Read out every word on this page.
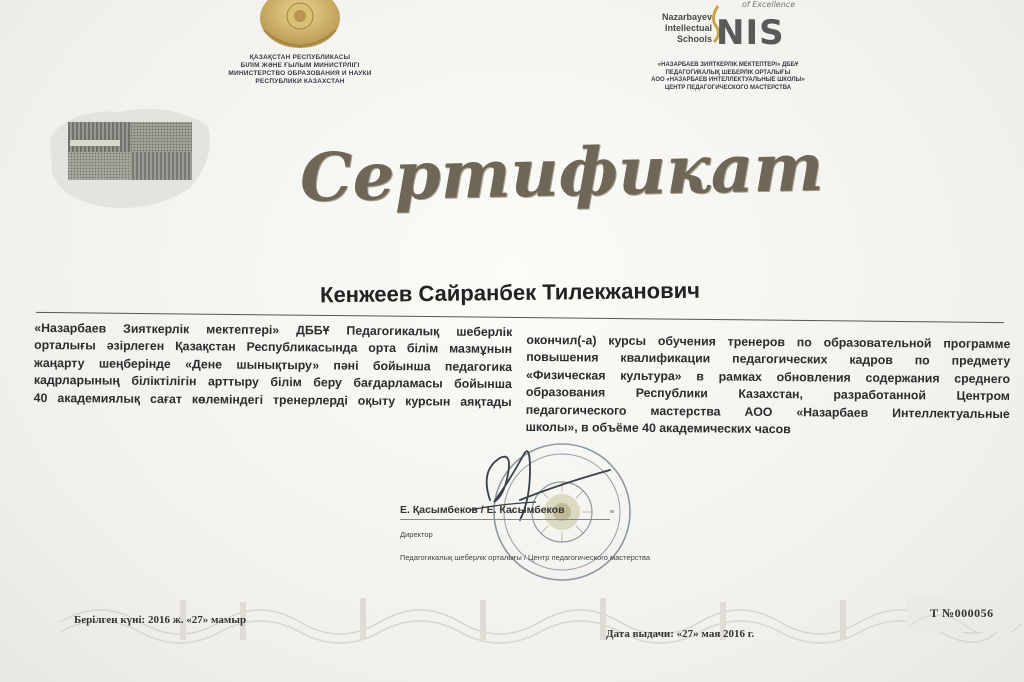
ҚАЗАҚСТАН РЕСПУБЛИКАСЫ
БІЛІМ ЖӘНЕ ҒЫЛЫМ МИНИСТРЛІГІ
МИНИСТЕРСТВО ОБРАЗОВАНИЯ И НАУКИ
РЕСПУБЛИКИ КАЗАХСТАН
of Excellence
Nazarbayev
Intellectual
Schools NIS
«НАЗАРБАЕВ ЗИЯТКЕРЛІК МЕКТЕПТЕРІ» ДББҰ
ПЕДАГОГИКАЛЫҚ ШЕБЕРЛІК ОРТАЛЫҒЫ
АОО «НАЗАРБАЕВ ИНТЕЛЛЕКТУАЛЬНЫЕ ШКОЛЫ»
ЦЕНТР ПЕДАГОГИЧЕСКОГО МАСТЕРСТВА
Сертификат
Кенжеев Сайранбек Тилекжанович
«Назарбаев Зияткерлік мектептері» ДББҰ Педагогикалық шеберлік
орталығы әзірлеген Қазақстан Республикасында орта білім мазмұнын
жаңарту шеңберінде «Дене шынықтыру» пәні бойынша педагогика
кадрларының біліктілігін арттыру білім беру бағдарламасы бойынша
40 академиялық сағат көлеміндегі тренерлерді оқыту курсын аяқтады
окончил(-а) курсы обучения тренеров по образовательной программе
повышения квалификации педагогических кадров по предмету
«Физическая культура» в рамках обновления содержания среднего
образования Республики Казахстан, разработанной Центром
педагогического мастерства АОО «Назарбаев Интеллектуальные
школы», в объёме 40 академических часов
Е. Қасымбеков / Е. Касымбеков
Директор
Педагогикалық шеберлік орталығы / Центр педагогического мастерства
Берілген күні: 2016 ж. «27» мамыр
Дата выдачи: «27» мая 2016 г.
Т №000056
